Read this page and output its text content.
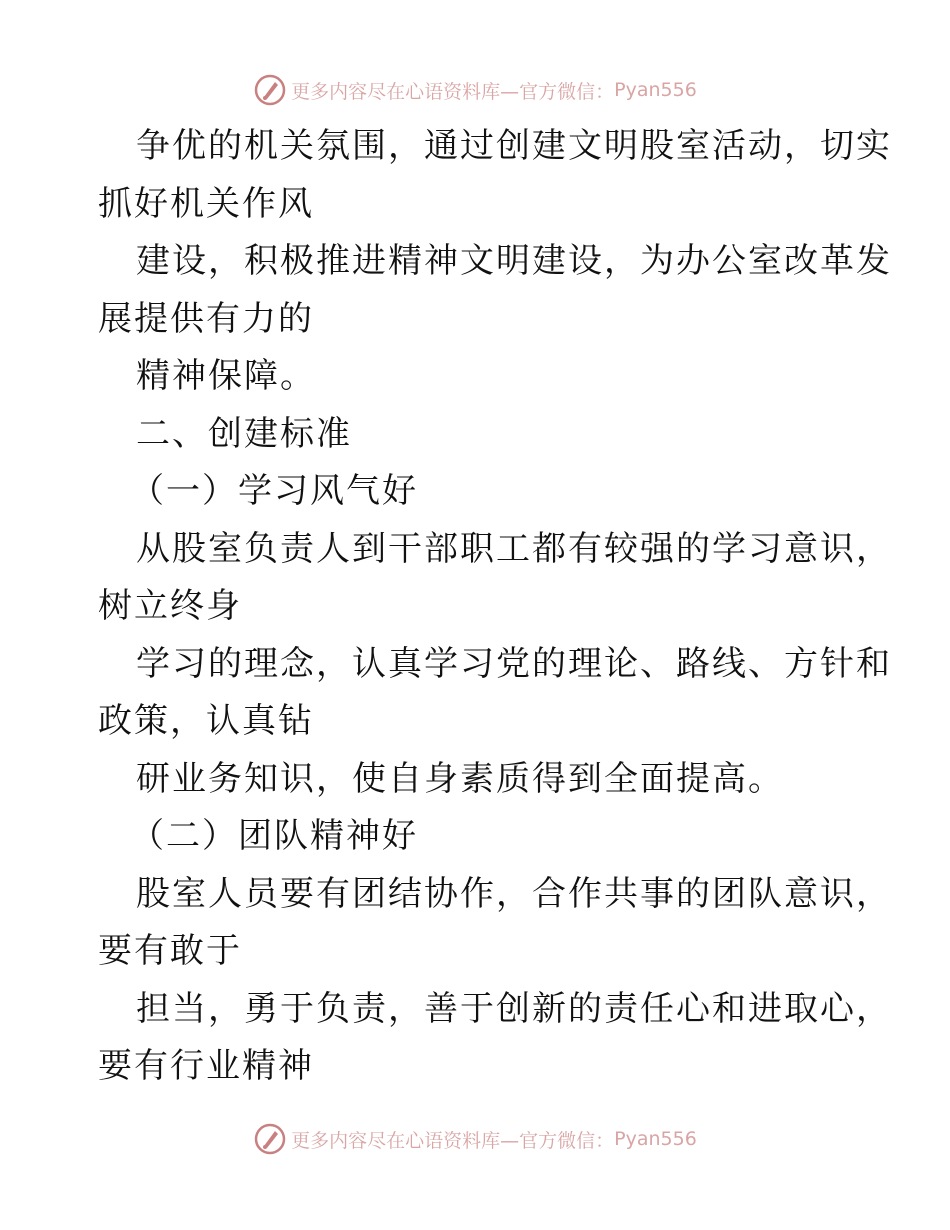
更多内容尽在心语资料库—官方微信： Pyan556
争优的机关氛围，通过创建文明股室活动，切实
抓好机关作风
建设，积极推进精神文明建设，为办公室改革发
展提供有力的
精神保障。
二、创建标准
（一）学习风气好
从股室负责人到干部职工都有较强的学习意识，
树立终身
学习的理念，认真学习党的理论、路线、方针和
政策，认真钻
研业务知识，使自身素质得到全面提高。
（二）团队精神好
股室人员要有团结协作，合作共事的团队意识，
要有敢于
担当，勇于负责，善于创新的责任心和进取心，
要有行业精神
更多内容尽在心语资料库—官方微信： Pyan556
